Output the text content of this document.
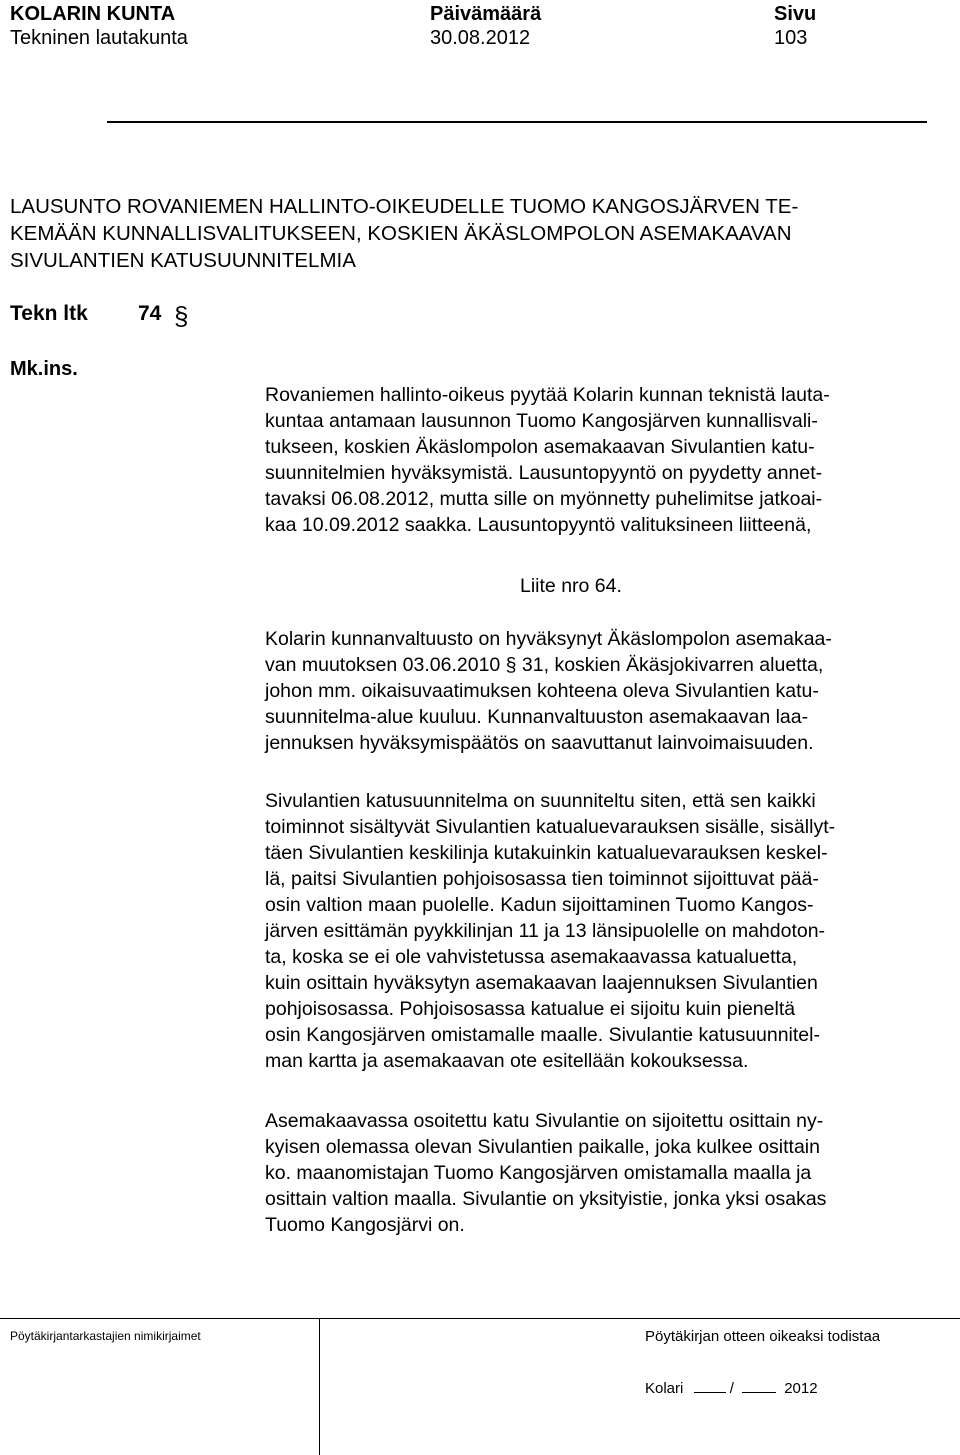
KOLARIN KUNTA
Tekninen lautakunta
Päivämäärä
30.08.2012
Sivu
103
LAUSUNTO ROVANIEMEN HALLINTO-OIKEUDELLE TUOMO KANGOSJÄRVEN TE-
KEMÄÄN KUNNALLISVALITUKSEEN, KOSKIEN ÄKÄSLOMPOLON ASEMAKAAVAN
SIVULANTIEN KATUSUUNNITELMIA
Tekn ltk 74 §
Mk.ins.

Rovaniemen hallinto-oikeus pyytää Kolarin kunnan teknistä lauta-
kuntaa antamaan lausunnon Tuomo Kangosjärven kunnallisvali-
tukseen, koskien Äkäslompolon asemakaavan Sivulantien katu-
suunnitelmien hyväksymistä. Lausuntopyyntö on pyydetty annet-
tavaksi 06.08.2012, mutta sille on myönnetty puhelimitse jatkoai-
kaa 10.09.2012 saakka. Lausuntopyyntö valituksineen liitteenä,

Liite nro 64.

Kolarin kunnanvaltuusto on hyväksynyt Äkäslompolon asemakaa-
van muutoksen 03.06.2010 § 31, koskien Äkäsjokivarren aluetta,
johon mm. oikaisuvaatimuksen kohteena oleva Sivulantien katu-
suunnitelma-alue kuuluu. Kunnanvaltuuston asemakaavan laa-
jennuksen hyväksymispäätös on saavuttanut lainvoimaisuuden.

Sivulantien katusuunnitelma on suunniteltu siten, että sen kaikki
toiminnot sisältyvät Sivulantien katualuevarauksen sisälle, sisällyt-
täen Sivulantien keskilinja kutakuinkin katualuevarauksen keskel-
lä, paitsi Sivulantien pohjoisosassa tien toiminnot sijoittuvat pää-
osin valtion maan puolelle. Kadun sijoittaminen Tuomo Kangos-
järven esittämän pyykkilinjan 11 ja 13 länsipuolelle on mahdoton-
ta, koska se ei ole vahvistetussa asemakaavassa katualuetta,
kuin osittain hyväksytyn asemakaavan laajennuksen Sivulantien
pohjoisosassa. Pohjoisosassa katualue ei sijoitu kuin pieneltä
osin Kangosjärven omistamalle maalle. Sivulantie katusuunnitel-
man kartta ja asemakaavan ote esitellään kokouksessa.

Asemakaavassa osoitettu katu Sivulantie on sijoitettu osittain ny-
kyisen olemassa olevan Sivulantien paikalle, joka kulkee osittain
ko. maanomistajan Tuomo Kangosjärven omistamalla maalla ja
osittain valtion maalla. Sivulantie on yksityistie, jonka yksi osakas
Tuomo Kangosjärvi on.

Pöytäkirjantarkastajien nimikirjaimet	Pöytäkirjan otteen oikeaksi todistaa
Kolari	/	2012
